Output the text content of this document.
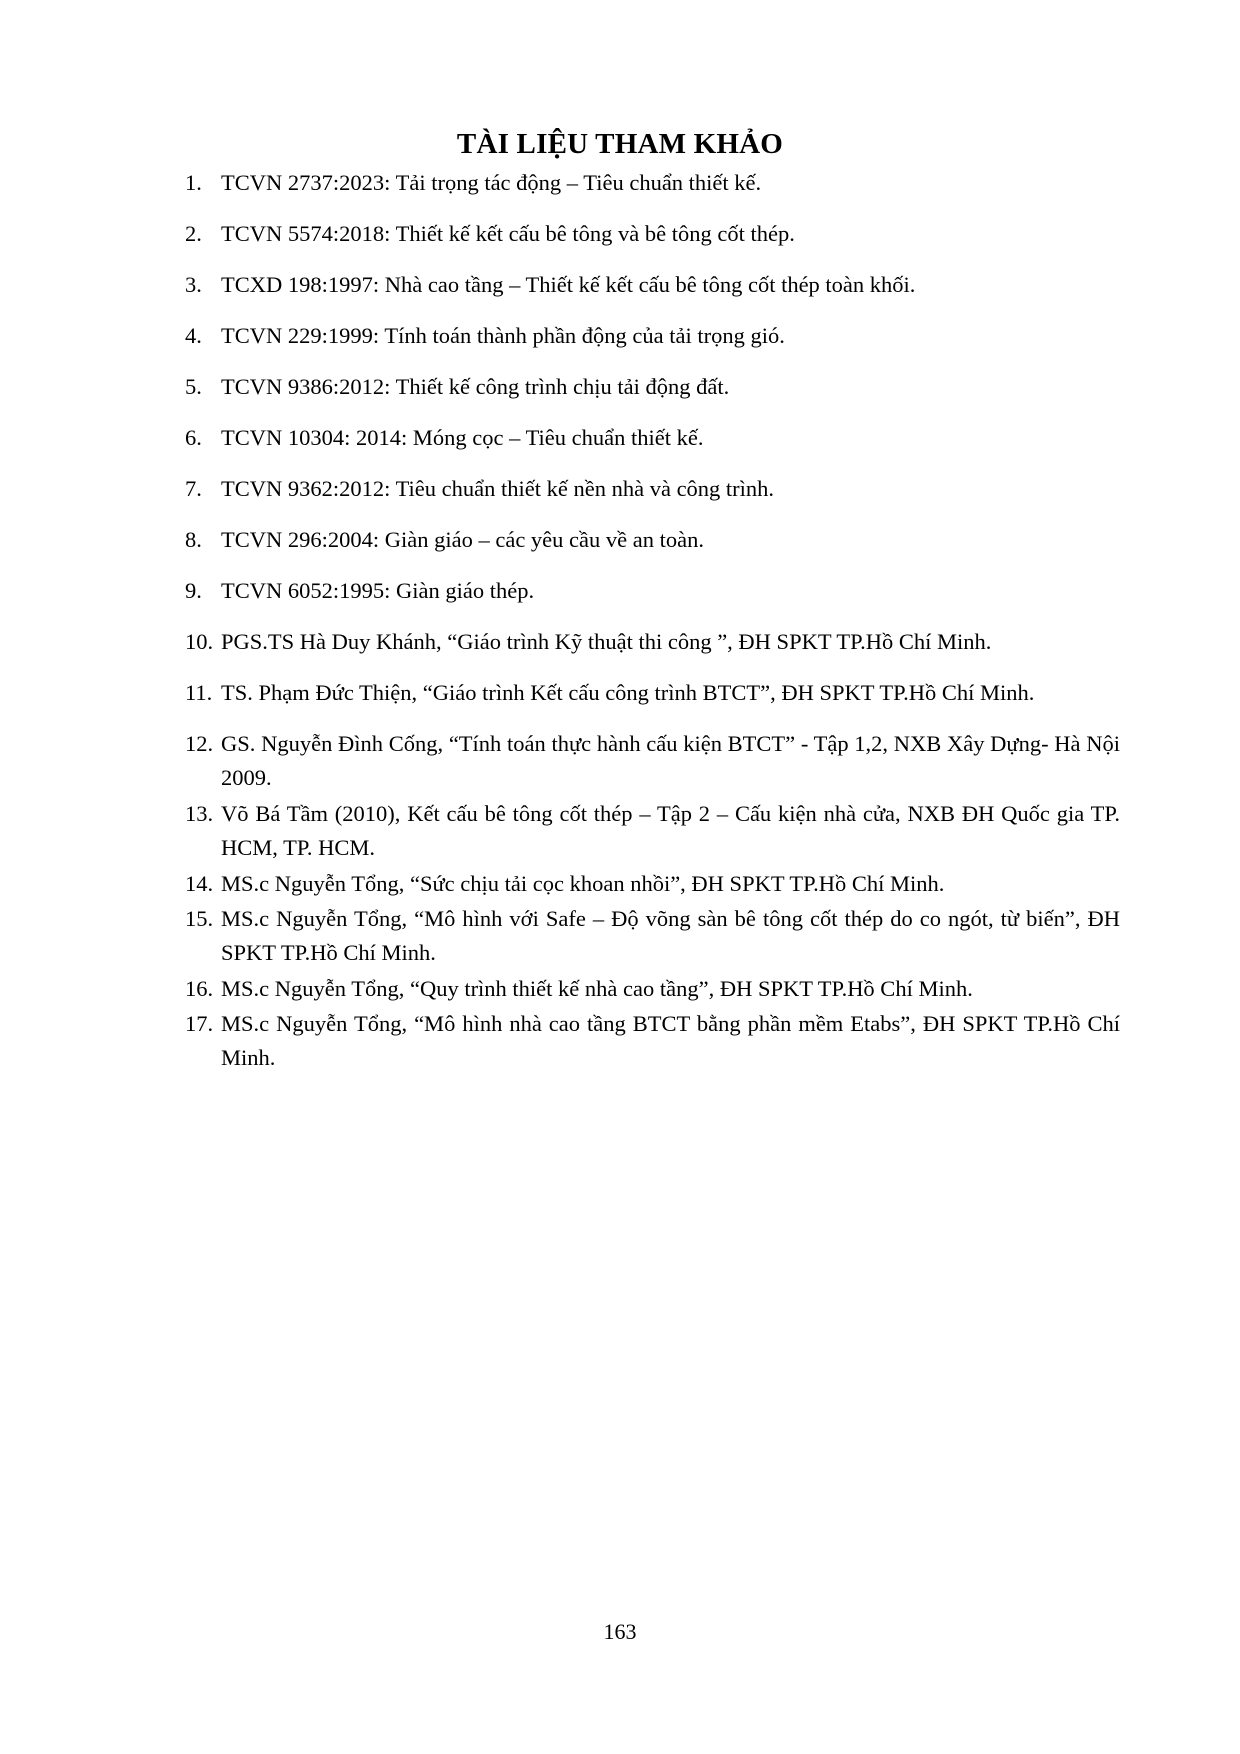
TÀI LIỆU THAM KHẢO
1. TCVN 2737:2023: Tải trọng tác động – Tiêu chuẩn thiết kế.
2. TCVN 5574:2018: Thiết kế kết cấu bê tông và bê tông cốt thép.
3. TCXD 198:1997: Nhà cao tầng – Thiết kế kết cấu bê tông cốt thép toàn khối.
4. TCVN 229:1999: Tính toán thành phần động của tải trọng gió.
5. TCVN 9386:2012: Thiết kế công trình chịu tải động đất.
6. TCVN 10304: 2014: Móng cọc – Tiêu chuẩn thiết kế.
7. TCVN 9362:2012: Tiêu chuẩn thiết kế nền nhà và công trình.
8. TCVN 296:2004: Giàn giáo – các yêu cầu về an toàn.
9. TCVN 6052:1995: Giàn giáo thép.
10. PGS.TS Hà Duy Khánh, “Giáo trình Kỹ thuật thi công ”, ĐH SPKT TP.Hồ Chí Minh.
11. TS. Phạm Đức Thiện, “Giáo trình Kết cấu công trình BTCT”, ĐH SPKT TP.Hồ Chí Minh.
12. GS. Nguyễn Đình Cống, “Tính toán thực hành cấu kiện BTCT” - Tập 1,2, NXB Xây Dựng- Hà Nội 2009.
13. Võ Bá Tầm (2010), Kết cấu bê tông cốt thép – Tập 2 – Cấu kiện nhà cửa, NXB ĐH Quốc gia TP. HCM, TP. HCM.
14. MS.c Nguyễn Tổng, “Sức chịu tải cọc khoan nhồi”, ĐH SPKT TP.Hồ Chí Minh.
15. MS.c Nguyễn Tổng, “Mô hình với Safe – Độ võng sàn bê tông cốt thép do co ngót, từ biến”, ĐH SPKT TP.Hồ Chí Minh.
16. MS.c Nguyễn Tổng, “Quy trình thiết kế nhà cao tầng”, ĐH SPKT TP.Hồ Chí Minh.
17. MS.c Nguyễn Tổng, “Mô hình nhà cao tầng BTCT bằng phần mềm Etabs”, ĐH SPKT TP.Hồ Chí Minh.
163
